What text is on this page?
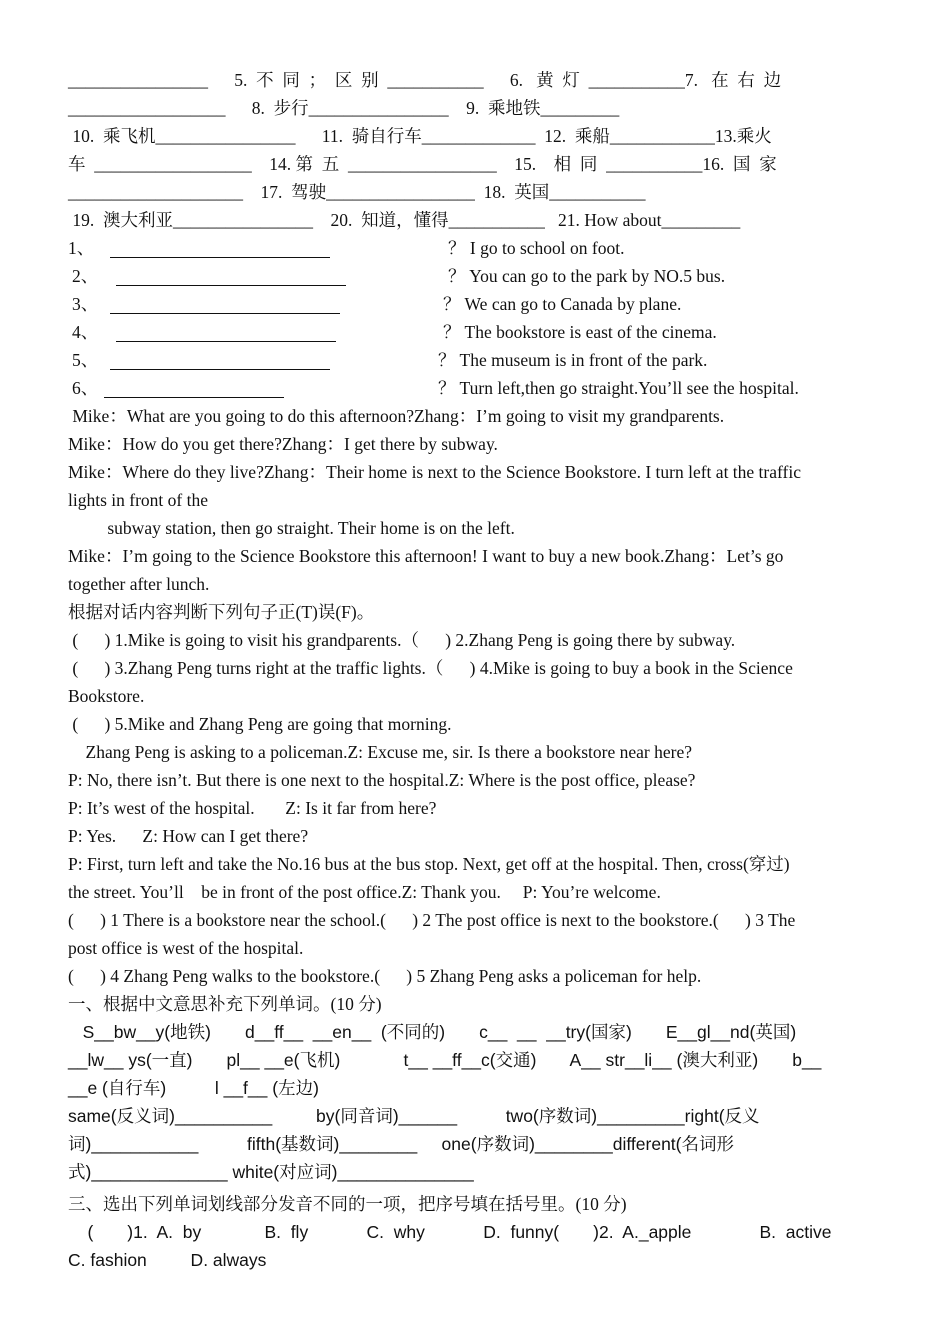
________________      5.  不  同  ；  区  别  ___________      6.   黄  灯  ___________7.   在  右  边
__________________      8.  步行________________    9.  乘地铁_________
10.  乘飞机________________      11.  骑自行车_____________  12.  乘船____________13.乘火
车  __________________    14. 第  五  _________________    15.    相  同  ___________16.  国  家
____________________    17.  驾驶_________________  18.  英国___________
19.  澳大利亚________________    20.  知道，懂得___________   21. How about_________
1、	？ I go to school on foot.
2、	？ You can go to the park by NO.5 bus.
3、	？ We can go to Canada by plane.
4、	？ The bookstore is east of the cinema.
5、	？ The museum is in front of the park.
6、	？ Turn left,then go straight.You’ll see the hospital.
Mike：What are you going to do this afternoon?Zhang：I’m going to visit my grandparents.
Mike：How do you get there?Zhang：I get there by subway.
Mike：Where do they live?Zhang：Their home is next to the Science Bookstore. I turn left at the traffic
lights in front of the
subway station, then go straight. Their home is on the left.
Mike：I’m going to the Science Bookstore this afternoon! I want to buy a new book.Zhang：Let’s go
together after lunch.
根据对话内容判断下列句子正(T)误(F)。
(      ) 1.Mike is going to visit his grandparents.（      ) 2.Zhang Peng is going there by subway.
(      ) 3.Zhang Peng turns right at the traffic lights.（      ) 4.Mike is going to buy a book in the Science
Bookstore.
(      ) 5.Mike and Zhang Peng are going that morning.
Zhang Peng is asking to a policeman.Z: Excuse me, sir. Is there a bookstore near here?
P: No, there isn’t. But there is one next to the hospital.Z: Where is the post office, please?
P: It’s west of the hospital.       Z: Is it far from here?
P: Yes.      Z: How can I get there?
P: First, turn left and take the No.16 bus at the bus stop. Next, get off at the hospital. Then, cross(穿过)
the street. You’ll    be in front of the post office.Z: Thank you.     P: You’re welcome.
(      ) 1 There is a bookstore near the school.(      ) 2 The post office is next to the bookstore.(      ) 3 The
post office is west of the hospital.
(      ) 4 Zhang Peng walks to the bookstore.(      ) 5 Zhang Peng asks a policeman for help.
一、根据中文意思补充下列单词。(10 分)
S__bw__y(地铁)       d__ff__  __en__  (不同的)       c__  __  __try(国家)       E__gl__nd(英国)
__lw__ ys(一直)       pl__ __e(飞机)             t__ __ff__c(交通)       A__ str__li__ (澳大利亚)       b__
__e (自行车)          l __f__ (左边)
same(反义词)__________         by(同音词)______          two(序数词)_________right(反义
词)___________          fifth(基数词)________     one(序数词)________different(名词形
式)______________ white(对应词)______________
三、选出下列单词划线部分发音不同的一项，把序号填在括号里。(10 分)
(       )1.  A.  by             B.  fly            C.  why            D.  funny(       )2.  A._apple              B.  active
C. fashion         D. always
